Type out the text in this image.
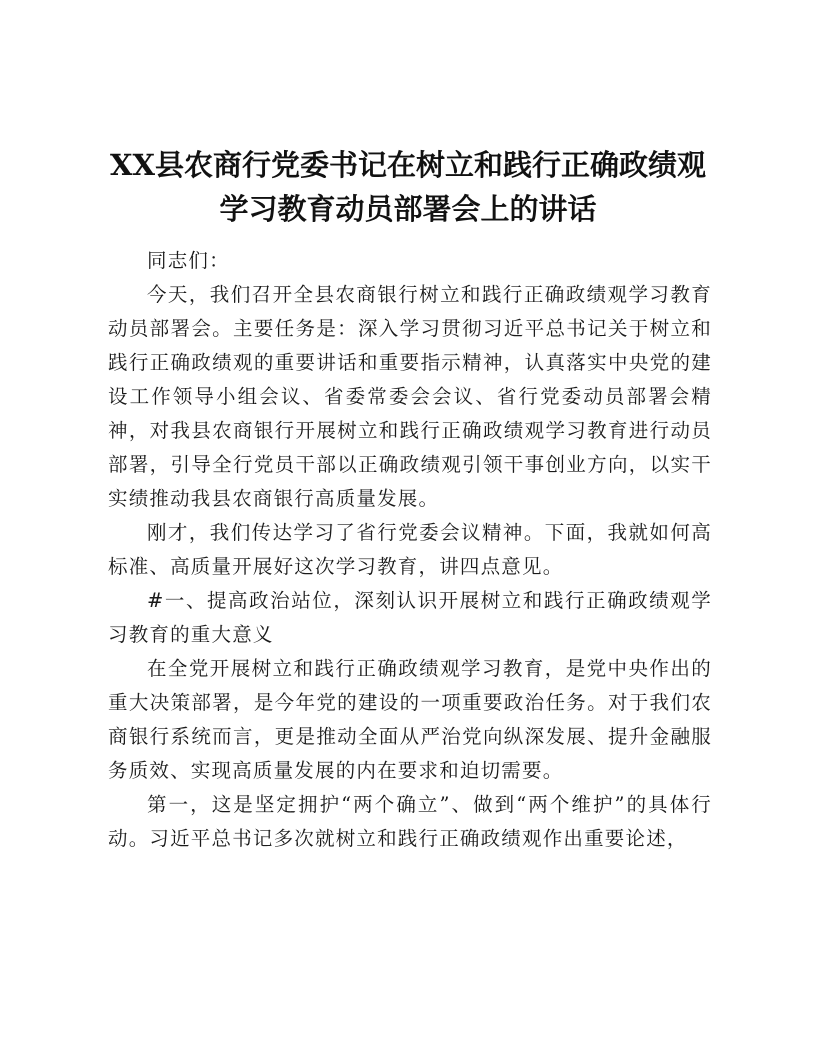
XX县农商行党委书记在树立和践行正确政绩观
学习教育动员部署会上的讲话

同志们：

今天，我们召开全县农商银行树立和践行正确政绩观学习教育动员部署会。主要任务是：深入学习贯彻习近平总书记关于树立和践行正确政绩观的重要讲话和重要指示精神，认真落实中央党的建设工作领导小组会议、省委常委会会议、省行党委动员部署会精神，对我县农商银行开展树立和践行正确政绩观学习教育进行动员部署，引导全行党员干部以正确政绩观引领干事创业方向，以实干实绩推动我县农商银行高质量发展。

刚才，我们传达学习了省行党委会议精神。下面，我就如何高标准、高质量开展好这次学习教育，讲四点意见。

#一、提高政治站位，深刻认识开展树立和践行正确政绩观学习教育的重大意义

在全党开展树立和践行正确政绩观学习教育，是党中央作出的重大决策部署，是今年党的建设的一项重要政治任务。对于我们农商银行系统而言，更是推动全面从严治党向纵深发展、提升金融服务质效、实现高质量发展的内在要求和迫切需要。

第一，这是坚定拥护“两个确立”、做到“两个维护”的具体行动。习近平总书记多次就树立和践行正确政绩观作出重要论述，
